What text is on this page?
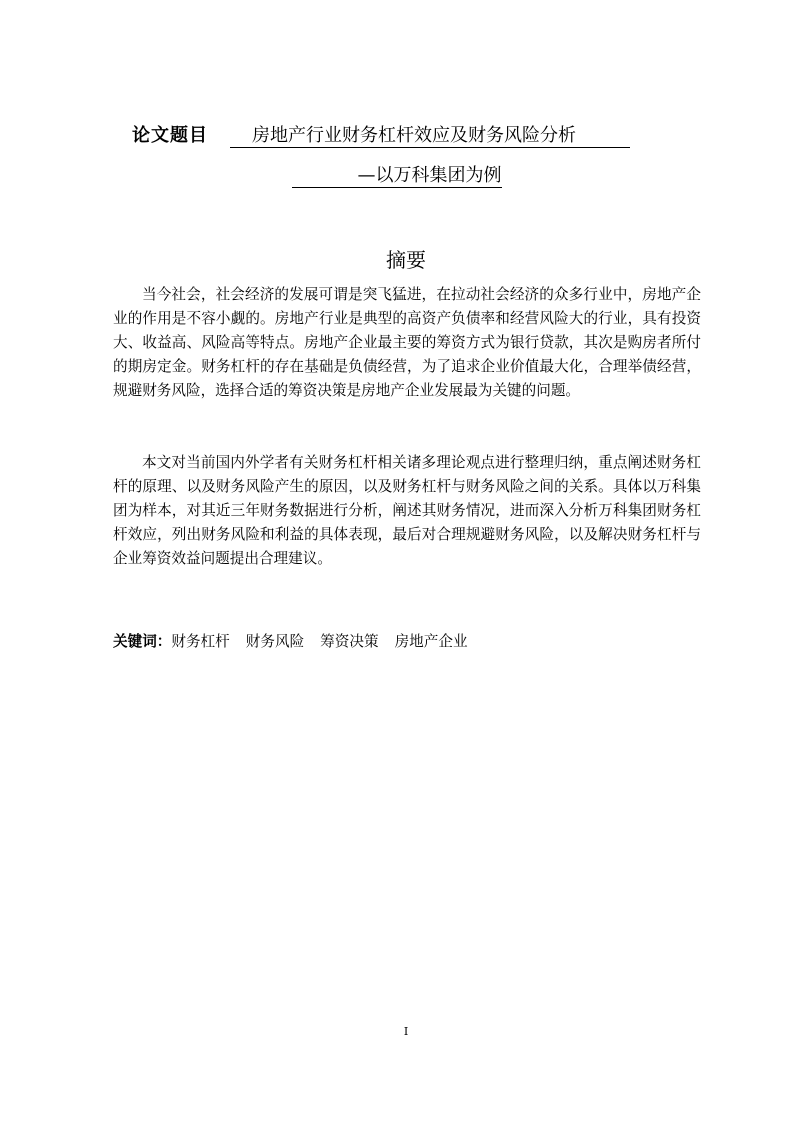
论文题目	房地产行业财务杠杆效应及财务风险分析
—以万科集团为例
摘要

当今社会，社会经济的发展可谓是突飞猛进，在拉动社会经济的众多行业中，房地产企业的作用是不容小觑的。房地产行业是典型的高资产负债率和经营风险大的行业，具有投资大、收益高、风险高等特点。房地产企业最主要的筹资方式为银行贷款，其次是购房者所付的期房定金。财务杠杆的存在基础是负债经营，为了追求企业价值最大化，合理举债经营，规避财务风险，选择合适的筹资决策是房地产企业发展最为关键的问题。

本文对当前国内外学者有关财务杠杆相关诸多理论观点进行整理归纳，重点阐述财务杠杆的原理、以及财务风险产生的原因，以及财务杠杆与财务风险之间的关系。具体以万科集团为样本，对其近三年财务数据进行分析，阐述其财务情况，进而深入分析万科集团财务杠杆效应，列出财务风险和利益的具体表现，最后对合理规避财务风险，以及解决财务杠杆与企业筹资效益问题提出合理建议。

关键词：财务杠杆 财务风险 筹资决策 房地产企业
I
